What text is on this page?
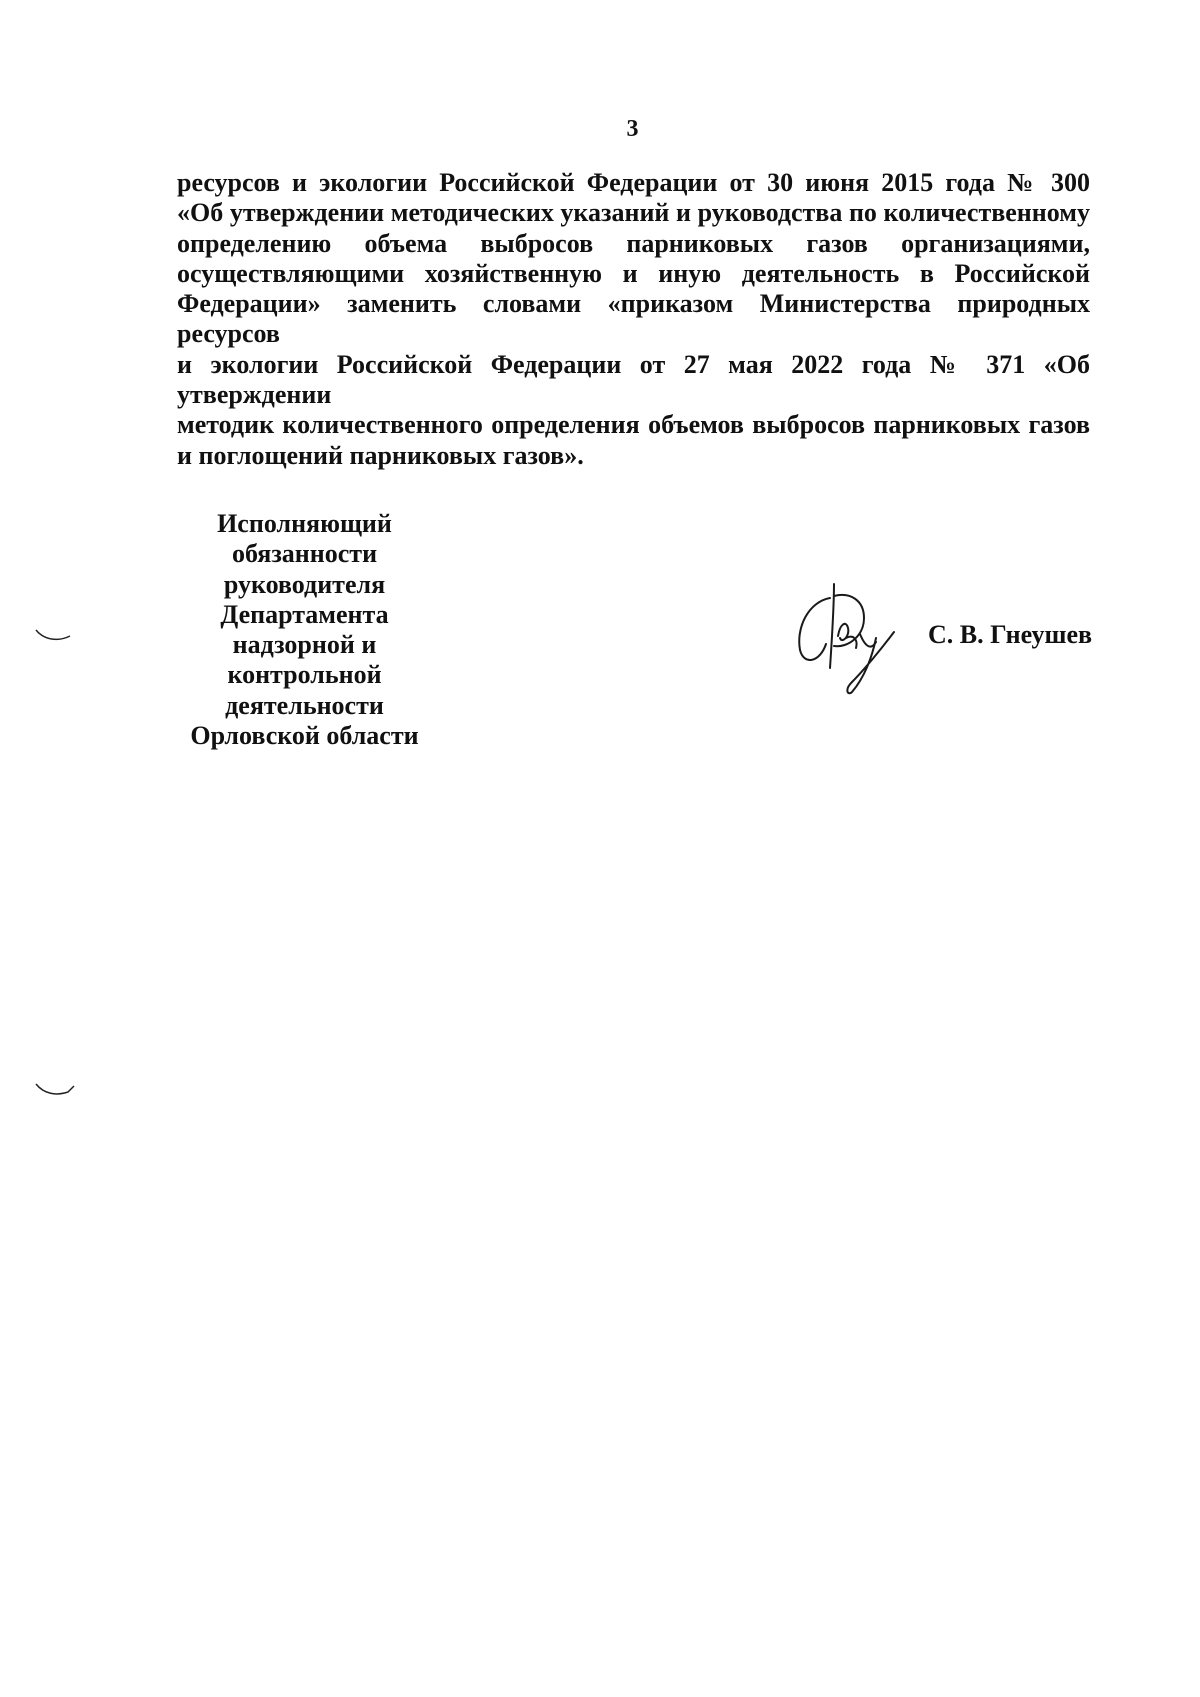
3
ресурсов и экологии Российской Федерации от 30 июня 2015 года № 300
«Об утверждении методических указаний и руководства по количественному
определению объема выбросов парниковых газов организациями,
осуществляющими хозяйственную и иную деятельность в Российской
Федерации» заменить словами «приказом Министерства природных ресурсов
и экологии Российской Федерации от 27 мая 2022 года № 371 «Об утверждении
методик количественного определения объемов выбросов парниковых газов
и поглощений парниковых газов».
Исполняющий
обязанности
руководителя
Департамента
надзорной и
контрольной
деятельности
Орловской области
С. В. Гнеушев
